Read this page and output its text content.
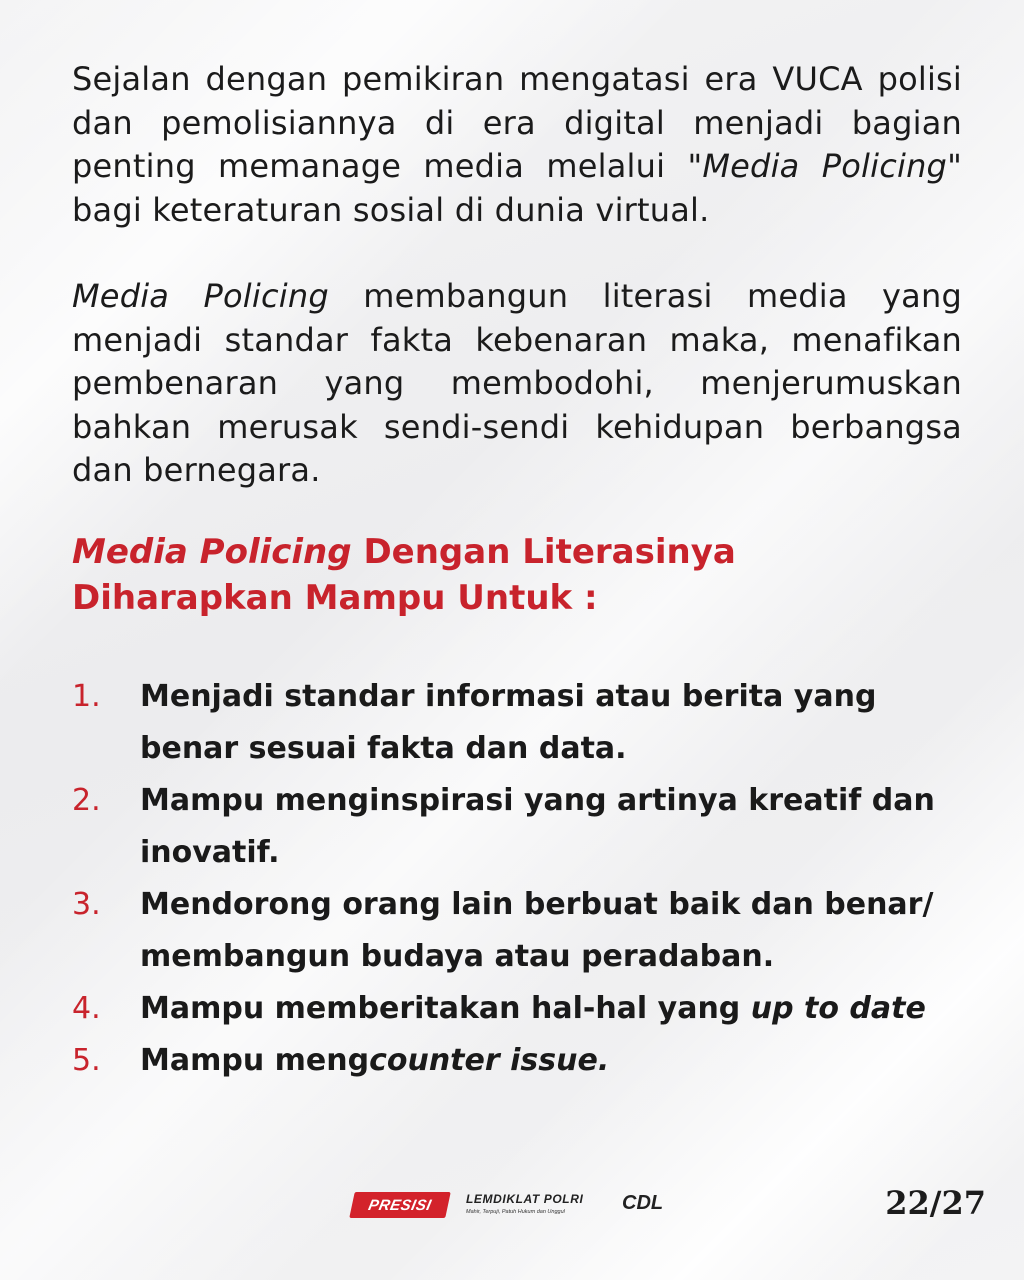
Sejalan dengan pemikiran mengatasi era VUCA polisi dan pemolisiannya di era digital menjadi bagian penting memanage media melalui "Media Policing" bagi keteraturan sosial di dunia virtual.

Media Policing membangun literasi media yang menjadi standar fakta kebenaran maka, menafikan pembenaran yang membodohi, menjerumuskan bahkan merusak sendi-sendi kehidupan berbangsa dan bernegara.

Media Policing Dengan Literasinya Diharapkan Mampu Untuk :
1.	Menjadi standar informasi atau berita yang benar sesuai fakta dan data.
2.	Mampu menginspirasi yang artinya kreatif dan inovatif.
3.	Mendorong orang lain berbuat baik dan benar/ membangun budaya atau peradaban.
4.	Mampu memberitakan hal-hal yang up to date
5.	Mampu mengcounter issue.
PRESISI	LEMDIKLAT POLRI
Mahir, Terpuji, Patuh Hukum dan Unggul	CDL	22/27
